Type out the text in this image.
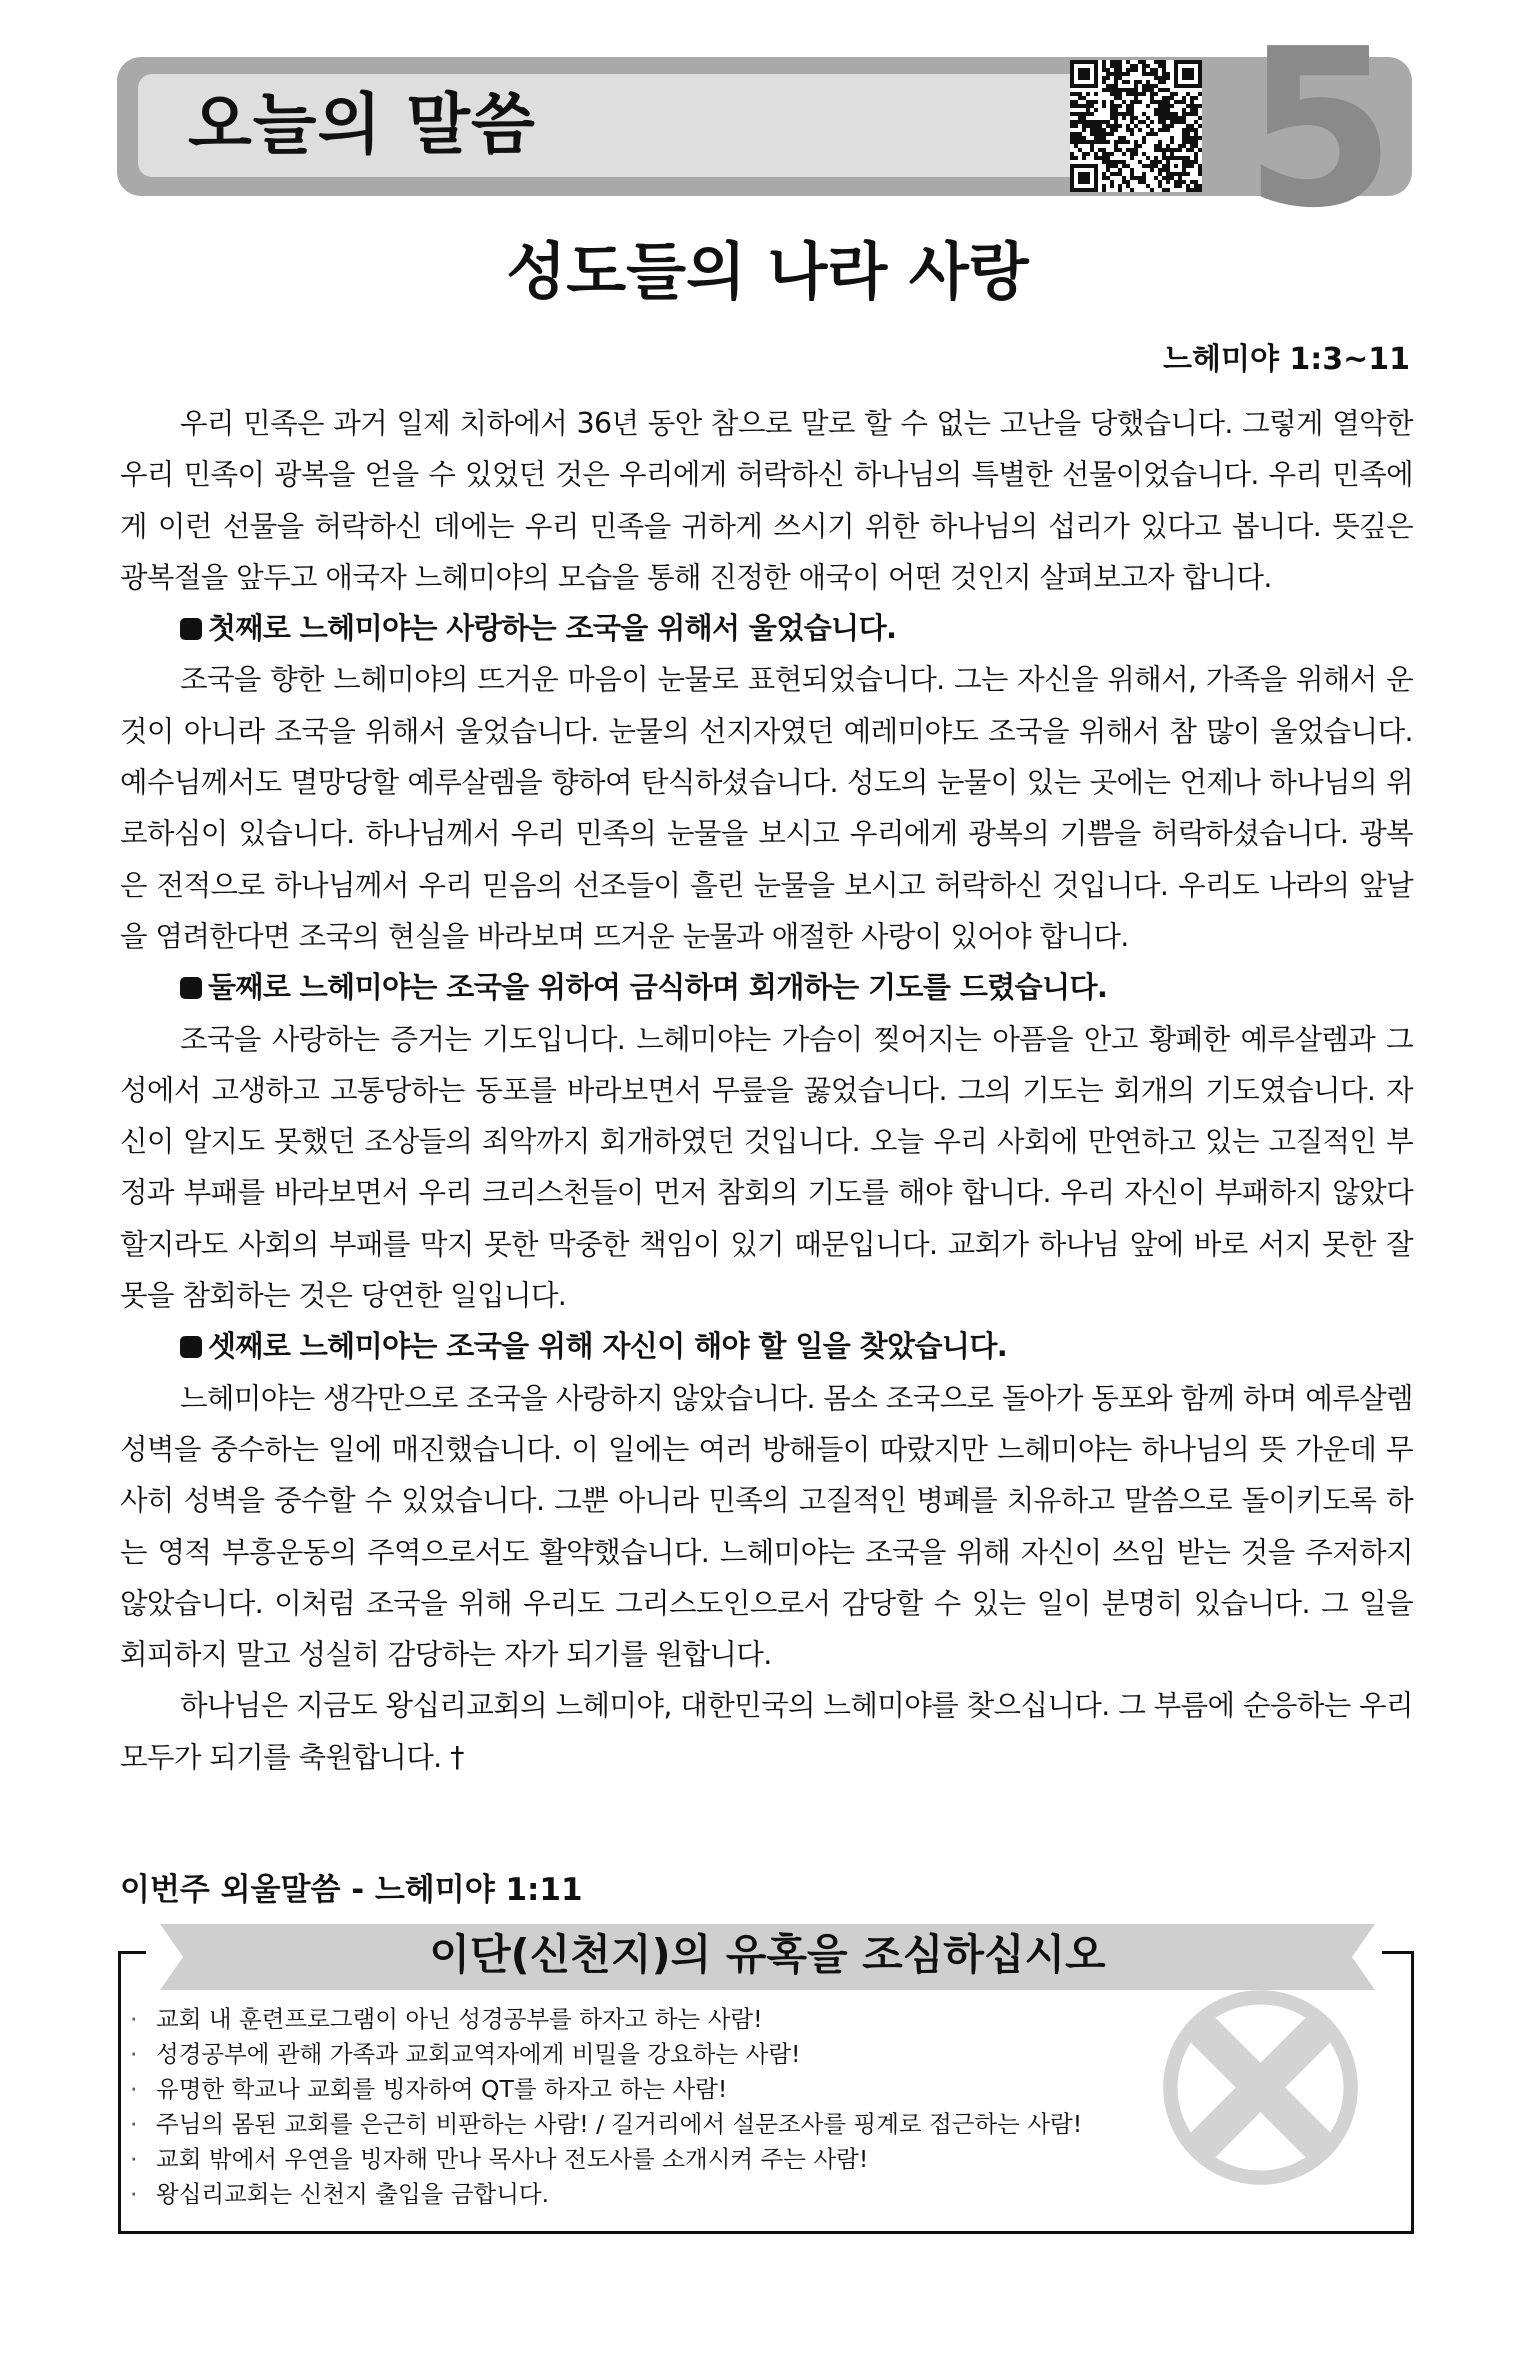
오늘의 말씀	5
성도들의 나라 사랑
느헤미야 1:3~11

우리 민족은 과거 일제 치하에서 36년 동안 참으로 말로 할 수 없는 고난을 당했습니다. 그렇게 열악한 우리 민족이 광복을 얻을 수 있었던 것은 우리에게 허락하신 하나님의 특별한 선물이었습니다. 우리 민족에게 이런 선물을 허락하신 데에는 우리 민족을 귀하게 쓰시기 위한 하나님의 섭리가 있다고 봅니다. 뜻깊은 광복절을 앞두고 애국자 느헤미야의 모습을 통해 진정한 애국이 어떤 것인지 살펴보고자 합니다.

첫째로 느헤미야는 사랑하는 조국을 위해서 울었습니다.

조국을 향한 느헤미야의 뜨거운 마음이 눈물로 표현되었습니다. 그는 자신을 위해서, 가족을 위해서 운 것이 아니라 조국을 위해서 울었습니다. 눈물의 선지자였던 예레미야도 조국을 위해서 참 많이 울었습니다. 예수님께서도 멸망당할 예루살렘을 향하여 탄식하셨습니다. 성도의 눈물이 있는 곳에는 언제나 하나님의 위로하심이 있습니다. 하나님께서 우리 민족의 눈물을 보시고 우리에게 광복의 기쁨을 허락하셨습니다. 광복은 전적으로 하나님께서 우리 믿음의 선조들이 흘린 눈물을 보시고 허락하신 것입니다. 우리도 나라의 앞날을 염려한다면 조국의 현실을 바라보며 뜨거운 눈물과 애절한 사랑이 있어야 합니다.

둘째로 느헤미야는 조국을 위하여 금식하며 회개하는 기도를 드렸습니다.

조국을 사랑하는 증거는 기도입니다. 느헤미야는 가슴이 찢어지는 아픔을 안고 황폐한 예루살렘과 그 성에서 고생하고 고통당하는 동포를 바라보면서 무릎을 꿇었습니다. 그의 기도는 회개의 기도였습니다. 자신이 알지도 못했던 조상들의 죄악까지 회개하였던 것입니다. 오늘 우리 사회에 만연하고 있는 고질적인 부정과 부패를 바라보면서 우리 크리스천들이 먼저 참회의 기도를 해야 합니다. 우리 자신이 부패하지 않았다 할지라도 사회의 부패를 막지 못한 막중한 책임이 있기 때문입니다. 교회가 하나님 앞에 바로 서지 못한 잘못을 참회하는 것은 당연한 일입니다.

셋째로 느헤미야는 조국을 위해 자신이 해야 할 일을 찾았습니다.

느헤미야는 생각만으로 조국을 사랑하지 않았습니다. 몸소 조국으로 돌아가 동포와 함께 하며 예루살렘 성벽을 중수하는 일에 매진했습니다. 이 일에는 여러 방해들이 따랐지만 느헤미야는 하나님의 뜻 가운데 무사히 성벽을 중수할 수 있었습니다. 그뿐 아니라 민족의 고질적인 병폐를 치유하고 말씀으로 돌이키도록 하는 영적 부흥운동의 주역으로서도 활약했습니다. 느헤미야는 조국을 위해 자신이 쓰임 받는 것을 주저하지 않았습니다. 이처럼 조국을 위해 우리도 그리스도인으로서 감당할 수 있는 일이 분명히 있습니다. 그 일을 회피하지 말고 성실히 감당하는 자가 되기를 원합니다.

하나님은 지금도 왕십리교회의 느헤미야, 대한민국의 느헤미야를 찾으십니다. 그 부름에 순응하는 우리 모두가 되기를 축원합니다. †

이번주 외울말씀 - 느헤미야 1:11
이단(신천지)의 유혹을 조심하십시오
· 교회 내 훈련프로그램이 아닌 성경공부를 하자고 하는 사람!
· 성경공부에 관해 가족과 교회교역자에게 비밀을 강요하는 사람!
· 유명한 학교나 교회를 빙자하여 QT를 하자고 하는 사람!
· 주님의 몸된 교회를 은근히 비판하는 사람! / 길거리에서 설문조사를 핑계로 접근하는 사람!
· 교회 밖에서 우연을 빙자해 만나 목사나 전도사를 소개시켜 주는 사람!
· 왕십리교회는 신천지 출입을 금합니다.
